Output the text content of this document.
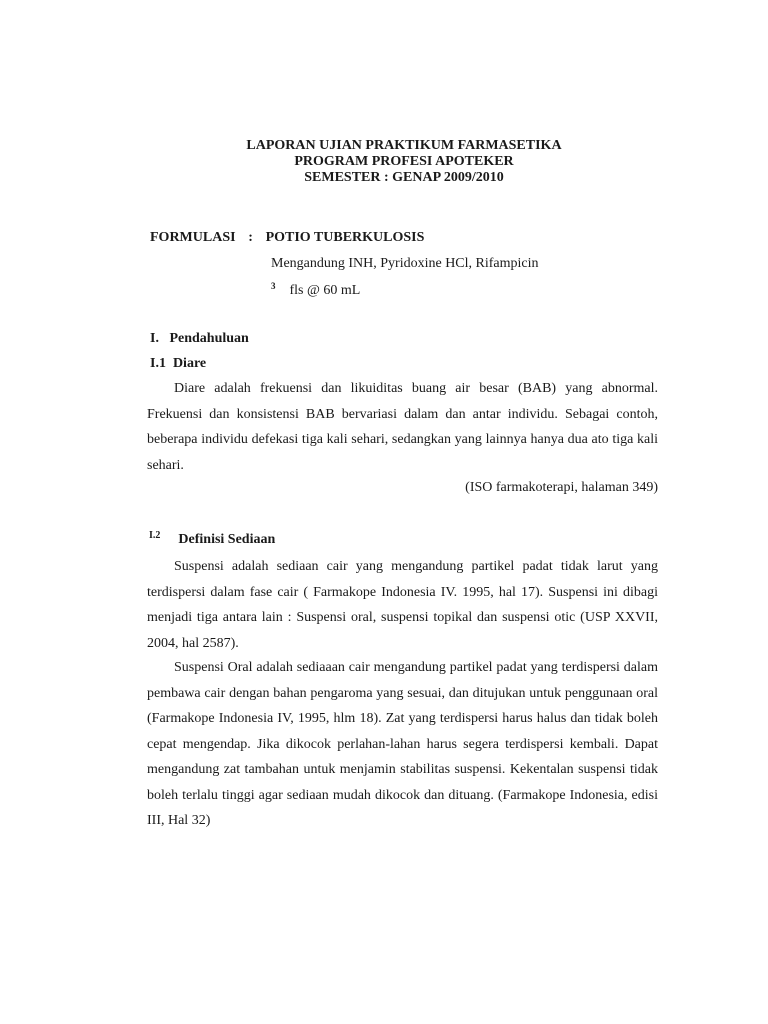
LAPORAN UJIAN PRAKTIKUM FARMASETIKA
PROGRAM PROFESI APOTEKER
SEMESTER : GENAP 2009/2010
FORMULASI : POTIO TUBERKULOSIS
Mengandung INH, Pyridoxine HCl, Rifampicin
$^3$ fls @ 60 mL
I.   Pendahuluan
I.1  Diare

Diare adalah frekuensi dan likuiditas buang air besar (BAB) yang abnormal. Frekuensi dan konsistensi BAB bervariasi dalam dan antar individu. Sebagai contoh, beberapa individu defekasi tiga kali sehari, sedangkan yang lainnya hanya dua ato tiga kali sehari.

(ISO farmakoterapi, halaman 349)
$^{I.2}$ Definisi Sediaan

Suspensi adalah sediaan cair yang mengandung partikel padat tidak larut yang terdispersi dalam fase cair ( Farmakope Indonesia IV. 1995, hal 17). Suspensi ini dibagi menjadi tiga antara lain : Suspensi oral, suspensi topikal dan suspensi otic (USP XXVII, 2004, hal 2587).

Suspensi Oral adalah sediaaan cair mengandung partikel padat yang terdispersi dalam pembawa cair dengan bahan pengaroma yang sesuai, dan ditujukan untuk penggunaan oral (Farmakope Indonesia IV, 1995, hlm 18). Zat yang terdispersi harus halus dan tidak boleh cepat mengendap. Jika dikocok perlahan-lahan harus segera terdispersi kembali. Dapat mengandung zat tambahan untuk menjamin stabilitas suspensi. Kekentalan suspensi tidak boleh terlalu tinggi agar sediaan mudah dikocok dan dituang. (Farmakope Indonesia, edisi III, Hal 32)
